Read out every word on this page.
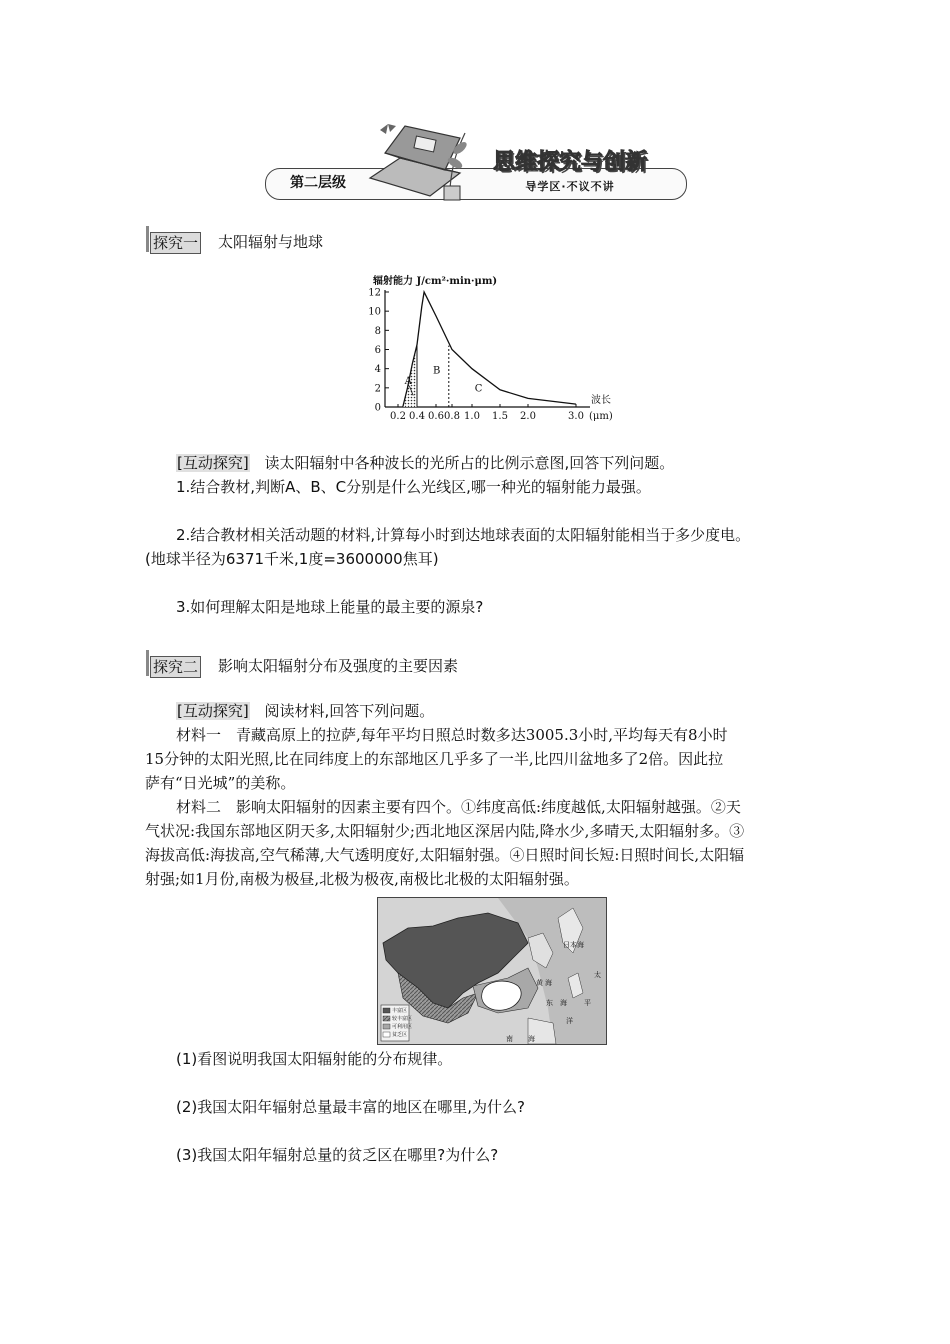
第二层级
思维探究与创新
导学区·不议不讲
探究一 太阳辐射与地球
0
2
4
6
8
10
12
0.2 0.4 0.6 0.8 1.0 1.5 2.0	3.0
A
B
C
辐射能力 J/cm²·min·μm)
波长
(μm)
[互动探究] 读太阳辐射中各种波长的光所占的比例示意图,回答下列问题。
1.结合教材,判断A、B、C分别是什么光线区,哪一种光的辐射能力最强。
2.结合教材相关活动题的材料,计算每小时到达地球表面的太阳辐射能相当于多少度电。
(地球半径为6371千米,1度=3600000焦耳)
3.如何理解太阳是地球上能量的最主要的源泉?
探究二 影响太阳辐射分布及强度的主要因素
[互动探究] 阅读材料,回答下列问题。
材料一　青藏高原上的拉萨,每年平均日照总时数多达3005.3小时,平均每天有8小时
15分钟的太阳光照,比在同纬度上的东部地区几乎多了一半,比四川盆地多了2倍。因此拉
萨有“日光城”的美称。
材料二　影响太阳辐射的因素主要有四个。①纬度高低:纬度越低,太阳辐射越强。②天
气状况:我国东部地区阴天多,太阳辐射少;西北地区深居内陆,降水少,多晴天,太阳辐射多。③
海拔高低:海拔高,空气稀薄,大气透明度好,太阳辐射强。④日照时间长短:日照时间长,太阳辐
射强;如1月份,南极为极昼,北极为极夜,南极比北极的太阳辐射强。
日本海
黄 海
东 海
太
平
洋
南 海
丰富区
较丰富区
可利用区
贫乏区
(1)看图说明我国太阳辐射能的分布规律。
(2)我国太阳年辐射总量最丰富的地区在哪里,为什么?
(3)我国太阳年辐射总量的贫乏区在哪里?为什么?
